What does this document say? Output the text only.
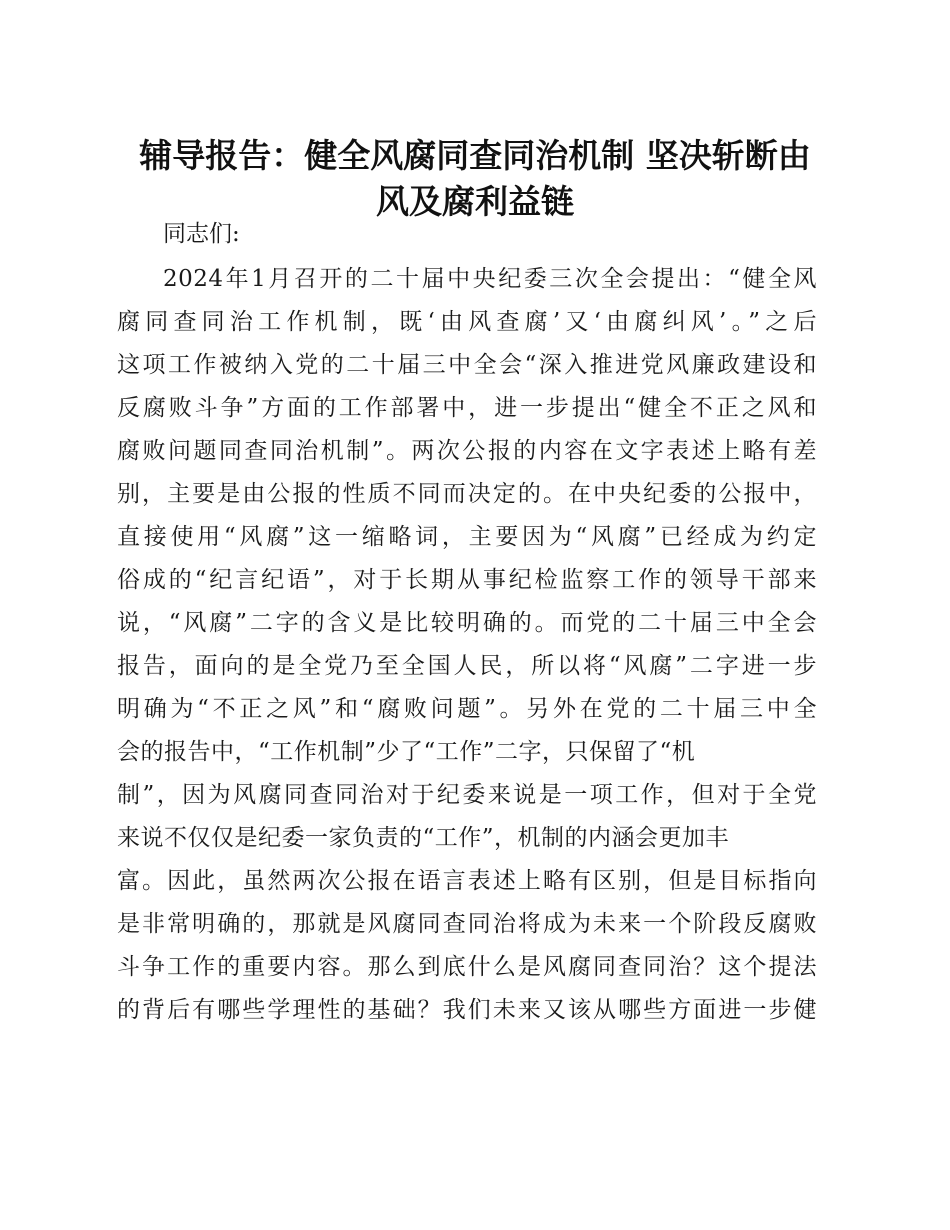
辅导报告：健全风腐同查同治机制 坚决斩断由
风及腐利益链

同志们:

2024年1月召开的二十届中央纪委三次全会提出：“健全风
腐同查同治工作机制，既‘由风查腐’又‘由腐纠风’。”之后
这项工作被纳入党的二十届三中全会“深入推进党风廉政建设和
反腐败斗争”方面的工作部署中，进一步提出“健全不正之风和
腐败问题同查同治机制”。两次公报的内容在文字表述上略有差
别，主要是由公报的性质不同而决定的。在中央纪委的公报中，
直接使用“风腐”这一缩略词，主要因为“风腐”已经成为约定
俗成的“纪言纪语”，对于长期从事纪检监察工作的领导干部来
说，“风腐”二字的含义是比较明确的。而党的二十届三中全会
报告，面向的是全党乃至全国人民，所以将“风腐”二字进一步
明确为“不正之风”和“腐败问题”。另外在党的二十届三中全
会的报告中，“工作机制”少了“工作”二字，只保留了“机
制”，因为风腐同查同治对于纪委来说是一项工作，但对于全党
来说不仅仅是纪委一家负责的“工作”，机制的内涵会更加丰
富。因此，虽然两次公报在语言表述上略有区别，但是目标指向
是非常明确的，那就是风腐同查同治将成为未来一个阶段反腐败
斗争工作的重要内容。那么到底什么是风腐同查同治？这个提法
的背后有哪些学理性的基础？我们未来又该从哪些方面进一步健
